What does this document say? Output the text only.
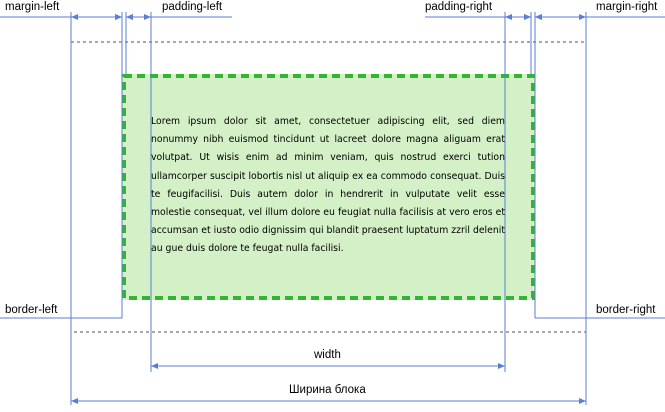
margin-left	padding-left	padding-right	margin-right
border-left	border-right
width
Ширина блока
Lorem ipsum dolor sit amet, consectetuer adipiscing elit, sed diem nonummy nibh euismod tincidunt ut lacreet dolore magna aliguam erat volutpat. Ut wisis enim ad minim veniam, quis nostrud exerci tution ullamcorper suscipit lobortis nisl ut aliquip ex ea commodo consequat. Duis te feugifacilisi. Duis autem dolor in hendrerit in vulputate velit esse molestie consequat, vel illum dolore eu feugiat nulla facilisis at vero eros et accumsan et iusto odio dignissim qui blandit praesent luptatum zzril delenit au gue duis dolore te feugat nulla facilisi.
